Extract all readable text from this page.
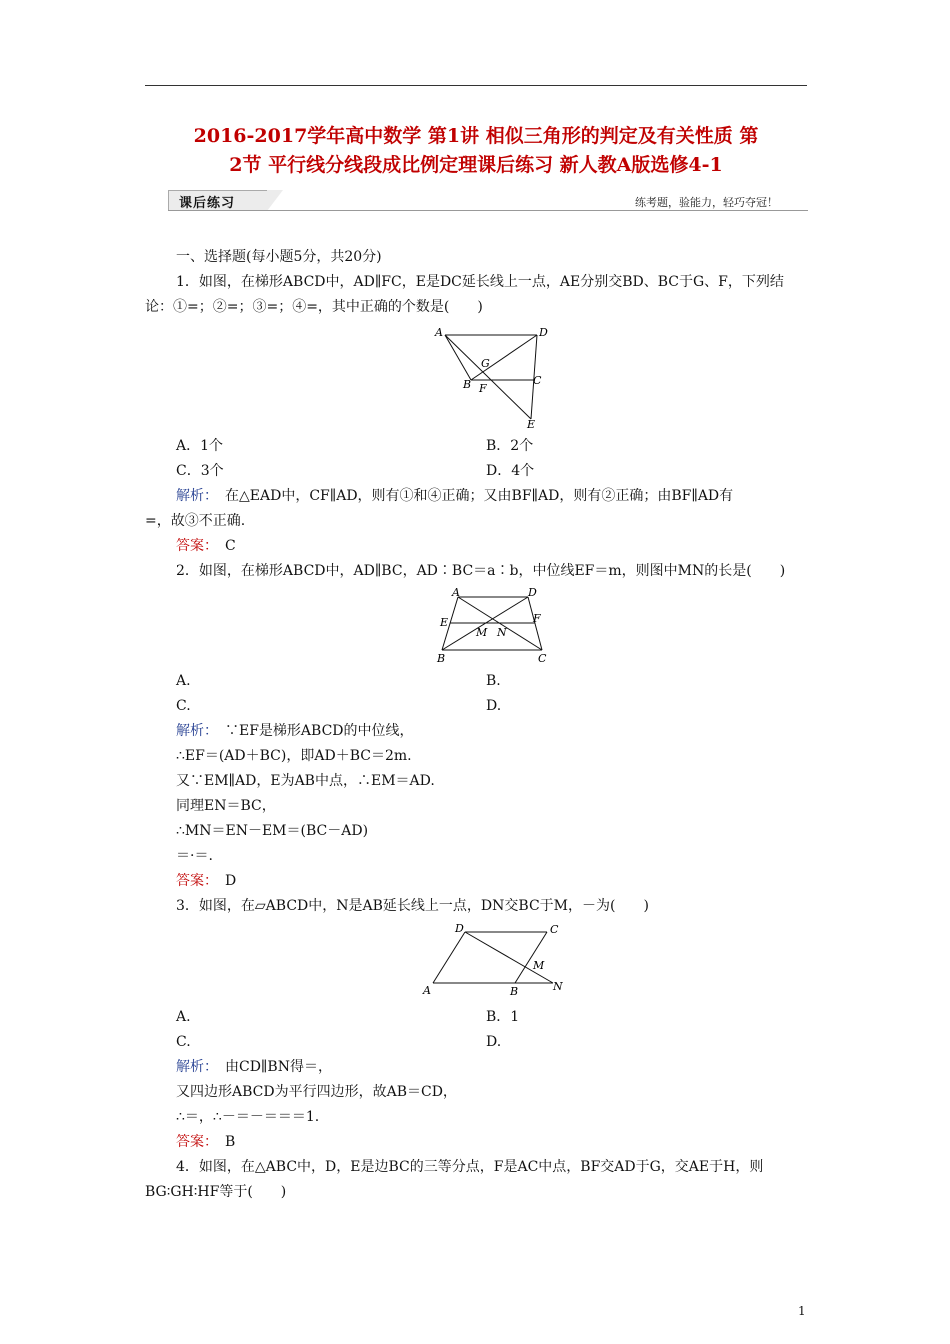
2016-2017学年高中数学 第1讲 相似三角形的判定及有关性质 第
2节 平行线分线段成比例定理课后练习 新人教A版选修4-1
课后练习	练考题，验能力，轻巧夺冠！
一、选择题(每小题5分，共20分)
1．如图，在梯形ABCD中，AD∥FC，E是DC延长线上一点，AE分别交BD、BC于G、F，下列结
论：①=；②=；③=；④=，其中正确的个数是(　　)
A	D
G
B F
C
E
A．1个	B．2个
C．3个	D．4个
解析：　 在△EAD中，CF∥AD，则有①和④正确；又由BF∥AD，则有②正确；由BF∥AD有
=，故③不正确.
答案：　 C
2．如图，在梯形ABCD中，AD∥BC，AD∶BC＝a∶b，中位线EF＝m，则图中MN的长是(　　)
A	D
E	F
M N
B	C
A.	B.
C.	D.
解析：　 ∵EF是梯形ABCD的中位线，
∴EF＝(AD＋BC)，即AD＋BC＝2m.
又∵EM∥AD，E为AB中点，∴EM＝AD.
同理EN＝BC，
∴MN＝EN－EM＝(BC－AD)
＝·＝.
答案：　 D
3．如图，在▱ABCD中，N是AB延长线上一点，DN交BC于M，－为(　　)
D	C
M
A	B	N
A.	B．1
C.	D.
解析：　 由CD∥BN得＝，
又四边形ABCD为平行四边形，故AB＝CD，
∴＝，∴－＝－＝＝＝1.
答案：　 B
4．如图，在△ABC中，D，E是边BC的三等分点，F是AC中点，BF交AD于G，交AE于H，则
BG∶GH∶HF等于(　　)
1
